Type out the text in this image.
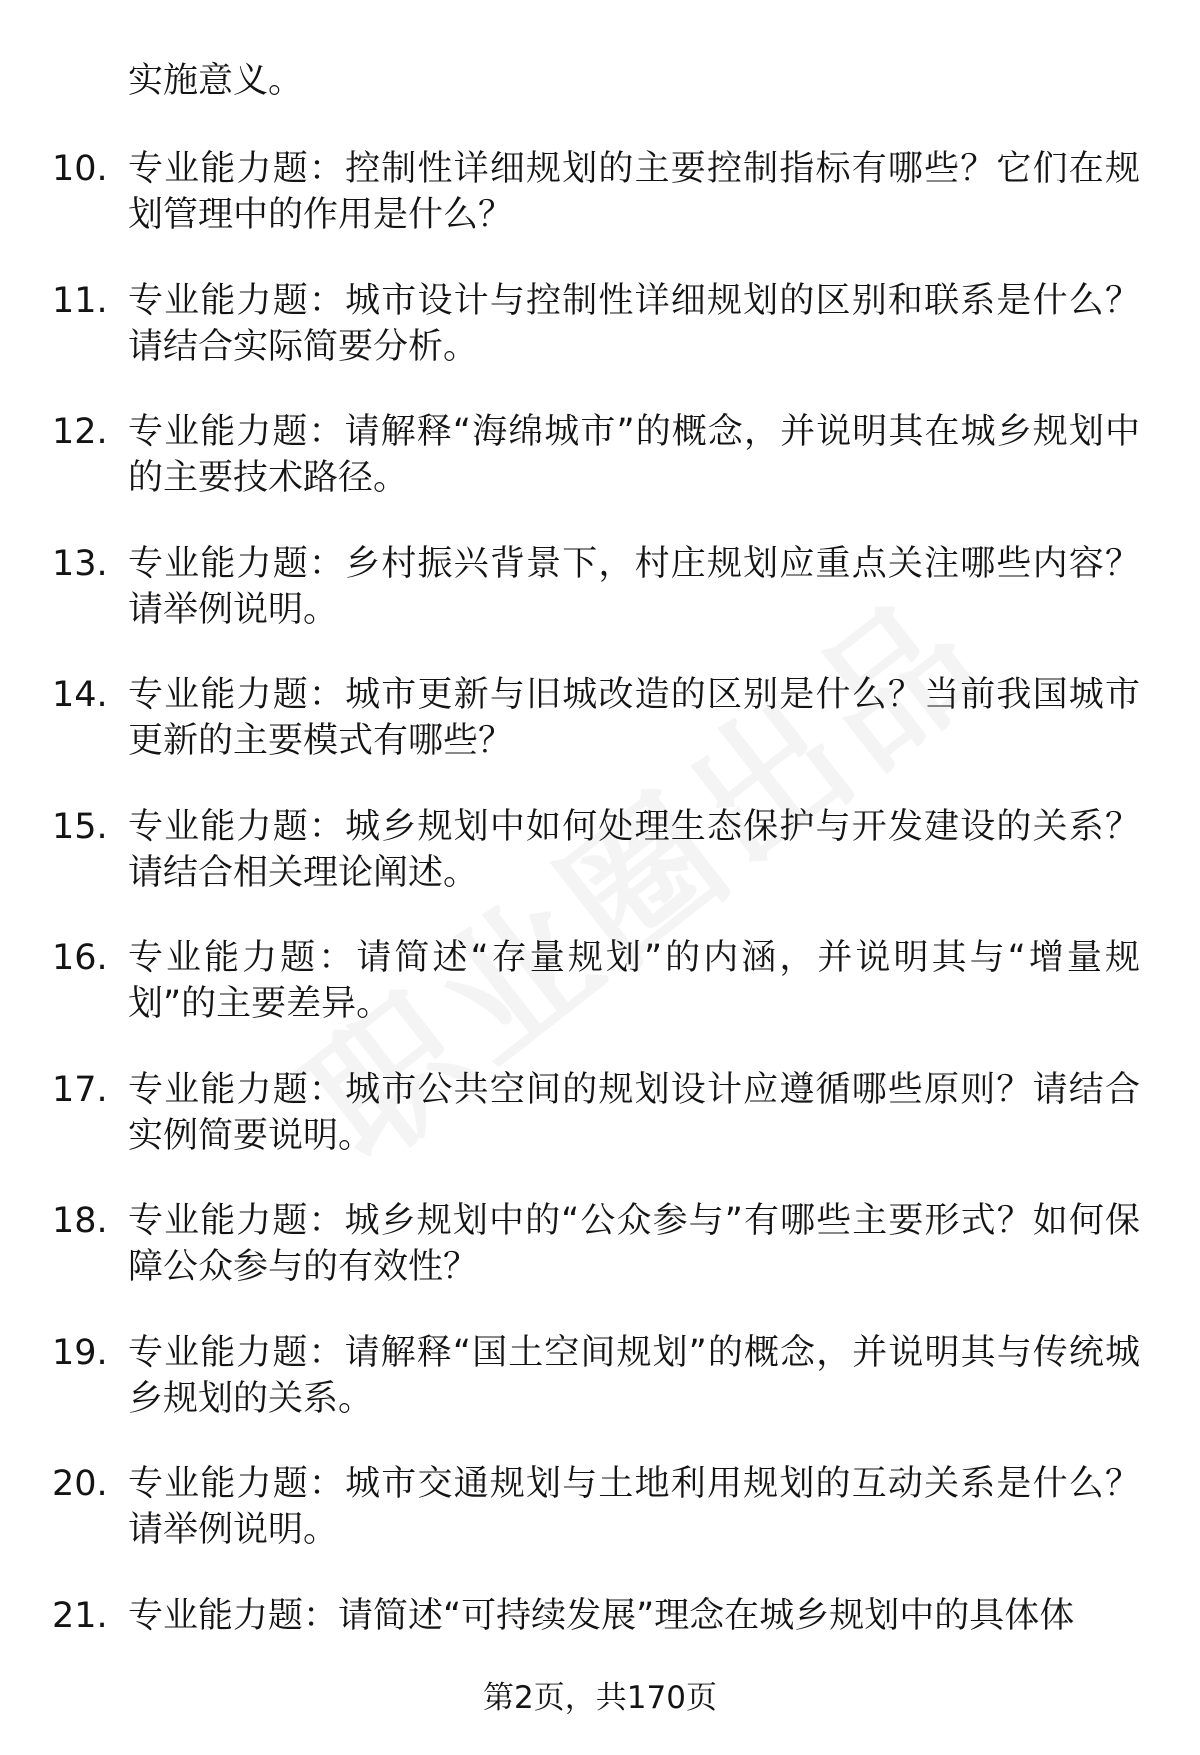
实施意义。
10. 专业能力题：控制性详细规划的主要控制指标有哪些？它们在规划管理中的作用是什么？
11. 专业能力题：城市设计与控制性详细规划的区别和联系是什么？请结合实际简要分析。
12. 专业能力题：请解释“海绵城市”的概念，并说明其在城乡规划中的主要技术路径。
13. 专业能力题：乡村振兴背景下，村庄规划应重点关注哪些内容？请举例说明。
14. 专业能力题：城市更新与旧城改造的区别是什么？当前我国城市更新的主要模式有哪些？
15. 专业能力题：城乡规划中如何处理生态保护与开发建设的关系？请结合相关理论阐述。
16. 专业能力题：请简述“存量规划”的内涵，并说明其与“增量规划”的主要差异。
17. 专业能力题：城市公共空间的规划设计应遵循哪些原则？请结合实例简要说明。
18. 专业能力题：城乡规划中的“公众参与”有哪些主要形式？如何保障公众参与的有效性？
19. 专业能力题：请解释“国土空间规划”的概念，并说明其与传统城乡规划的关系。
20. 专业能力题：城市交通规划与土地利用规划的互动关系是什么？请举例说明。
21. 专业能力题：请简述“可持续发展”理念在城乡规划中的具体体
第2页，共170页
